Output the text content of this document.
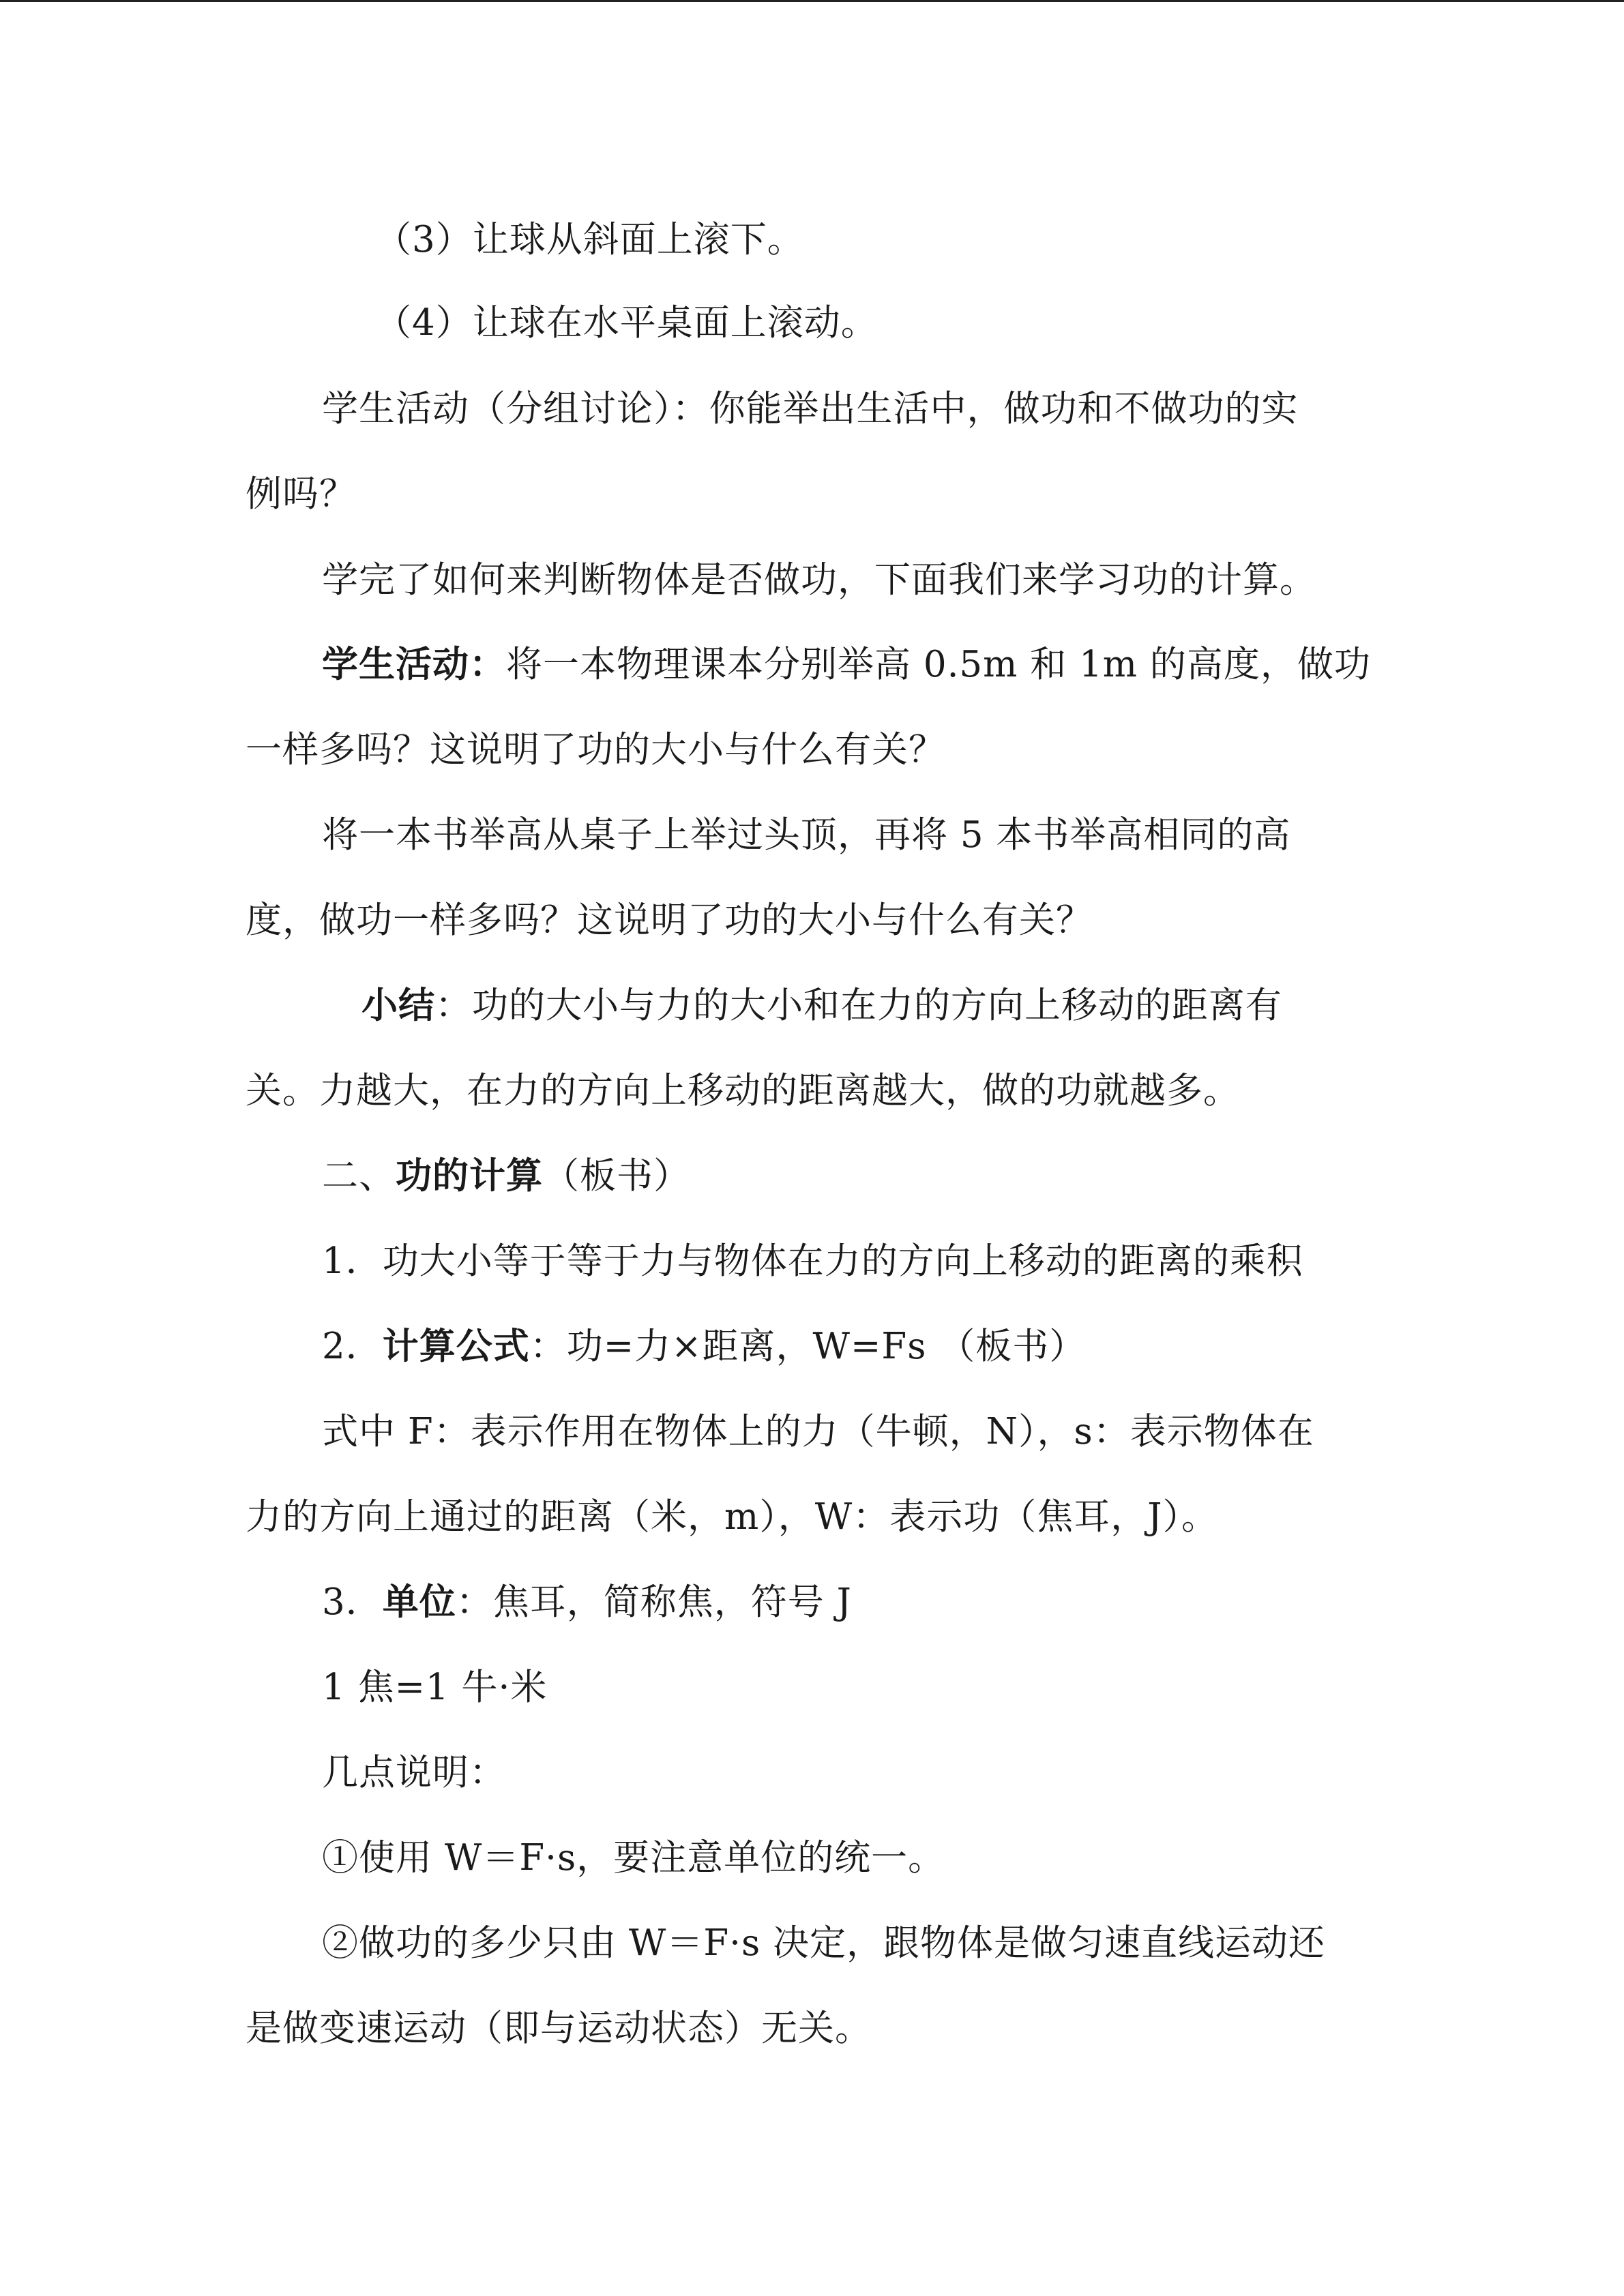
（3）让球从斜面上滚下。
（4）让球在水平桌面上滚动。
学生活动（分组讨论）：你能举出生活中，做功和不做功的实
例吗？
学完了如何来判断物体是否做功，下面我们来学习功的计算。
学生活动：将一本物理课本分别举高 0.5m 和 1m 的高度，做功
一样多吗？这说明了功的大小与什么有关？
将一本书举高从桌子上举过头顶，再将 5 本书举高相同的高
度，做功一样多吗？这说明了功的大小与什么有关？
小结：功的大小与力的大小和在力的方向上移动的距离有
关。力越大，在力的方向上移动的距离越大，做的功就越多。
二、功的计算（板书）
1．功大小等于等于力与物体在力的方向上移动的距离的乘积
2．计算公式：功=力×距离，W=Fs （板书）
式中 F：表示作用在物体上的力（牛顿，N），s：表示物体在
力的方向上通过的距离（米，m），W：表示功（焦耳，J）。
3．单位：焦耳，简称焦，符号 J
1 焦=1 牛·米
几点说明：
①使用 W＝F·s，要注意单位的统一。
②做功的多少只由 W＝F·s 决定，跟物体是做匀速直线运动还
是做变速运动（即与运动状态）无关。
